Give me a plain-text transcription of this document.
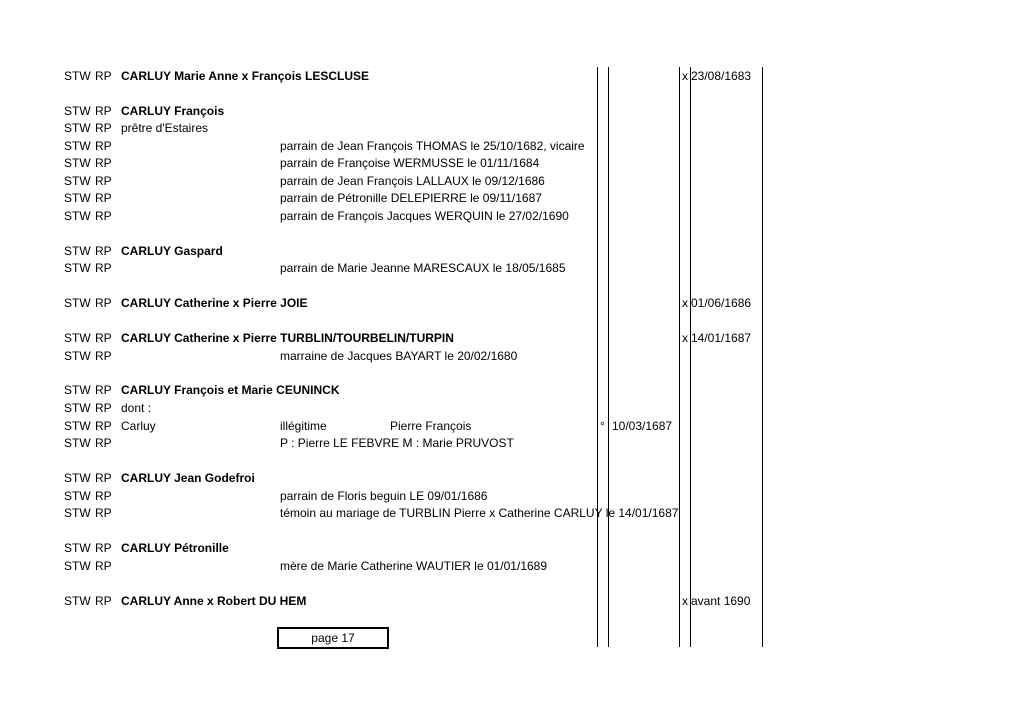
STW RP CARLUY Marie Anne x François LESCLUSE	x 23/08/1683
STW RP CARLUY François
STW RP prêtre d'Estaires
STW RP	parrain de Jean François THOMAS le 25/10/1682, vicaire
STW RP	parrain de Françoise WERMUSSE le 01/11/1684
STW RP	parrain de Jean François LALLAUX le 09/12/1686
STW RP	parrain de Pétronille DELEPIERRE le 09/11/1687
STW RP	parrain de François Jacques WERQUIN le 27/02/1690
STW RP CARLUY Gaspard
STW RP	parrain de Marie Jeanne MARESCAUX le 18/05/1685
STW RP CARLUY Catherine x Pierre JOIE	x 01/06/1686
STW RP CARLUY Catherine x Pierre TURBLIN/TOURBELIN/TURPIN	x 14/01/1687
STW RP	marraine de Jacques BAYART le 20/02/1680
STW RP CARLUY François et Marie CEUNINCK
STW RP dont :
STW RP Carluy	illégitime	Pierre François	° 10/03/1687
STW RP	P : Pierre LE FEBVRE M : Marie PRUVOST
STW RP CARLUY Jean Godefroi
STW RP	parrain de Floris beguin LE 09/01/1686
STW RP	témoin au mariage de TURBLIN Pierre x Catherine CARLUY le 14/01/1687
STW RP CARLUY Pétronille
STW RP	mère de Marie Catherine WAUTIER le 01/01/1689
STW RP CARLUY Anne x Robert DU HEM	x avant 1690
page 17
